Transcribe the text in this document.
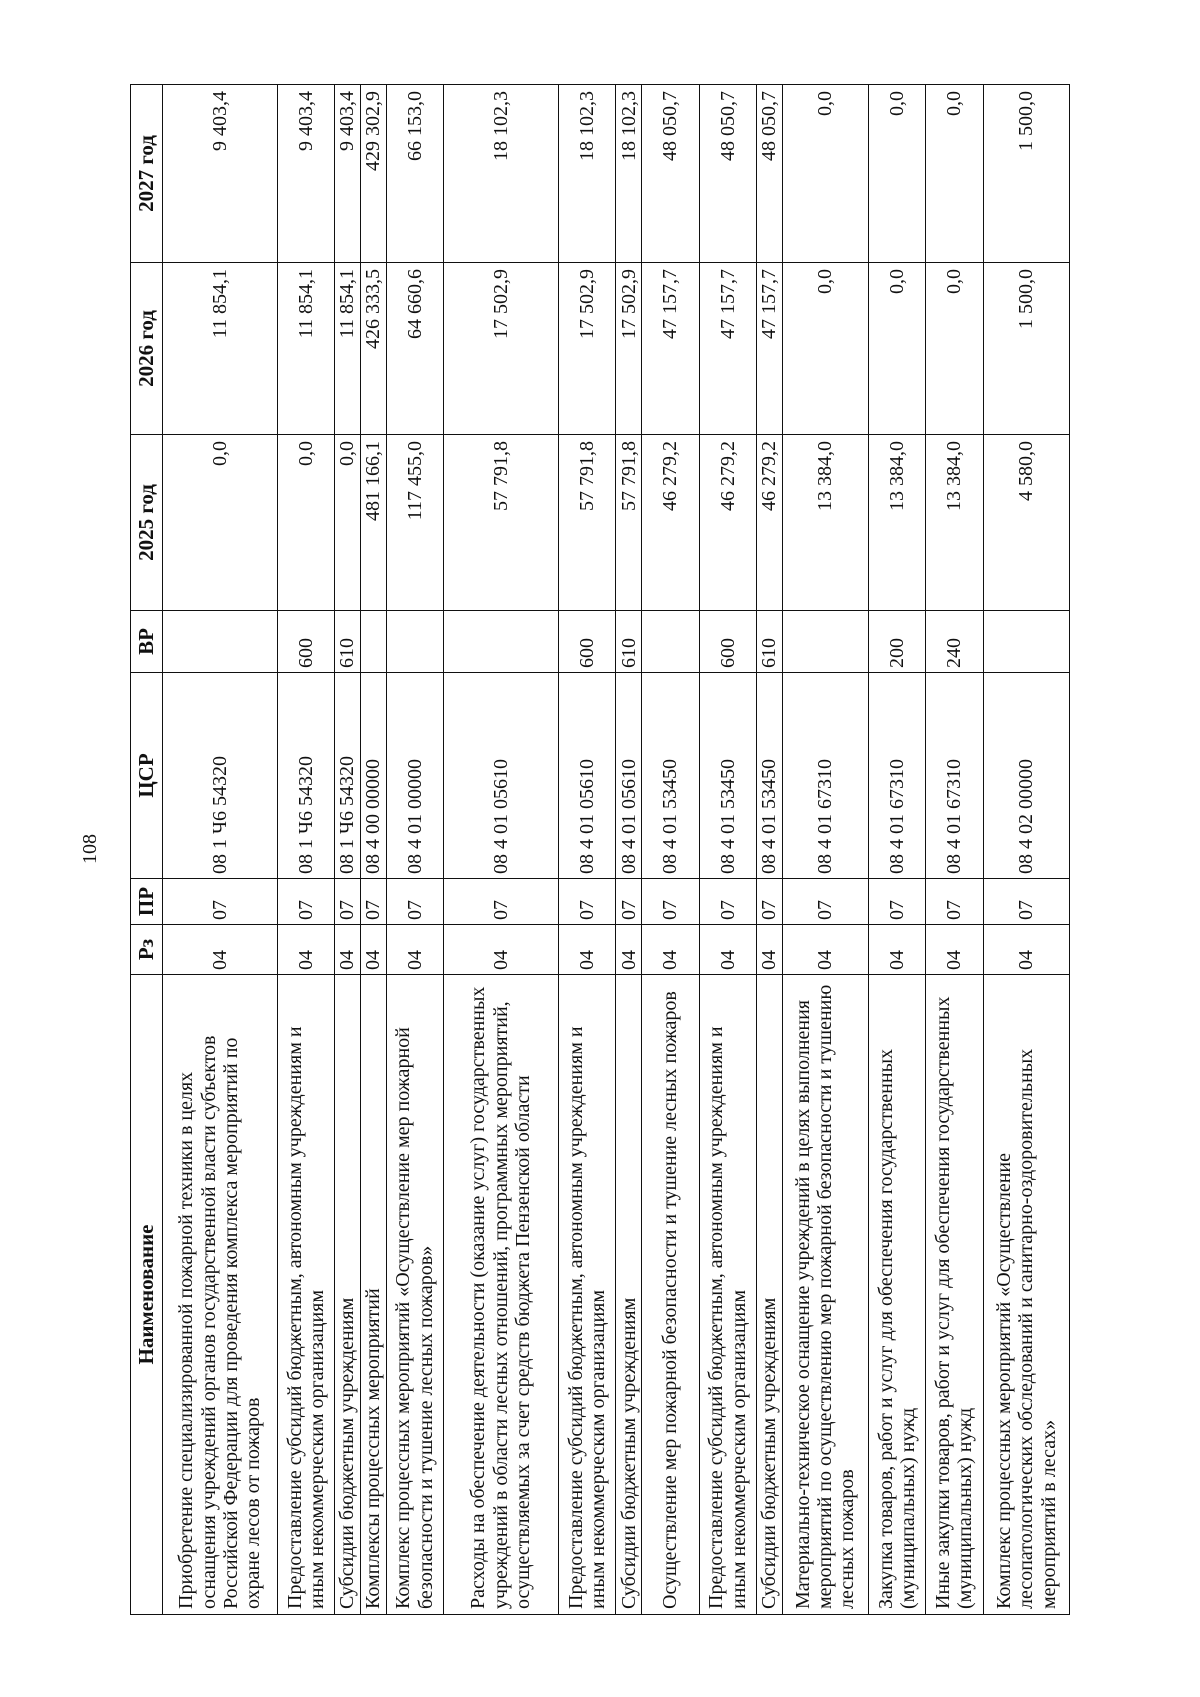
108
Наименование	Рз	ПР	ЦСР	ВР	2025 год	2026 год	2027 год
Приобретение специализированной пожарной техники в целях оснащения учреждений органов государственной власти субъектов Российской Федерации для проведения комплекса мероприятий по охране лесов от пожаров	04	07	08 1 Ч6 54320		0,0	11 854,1	9 403,4
Предоставление субсидий бюджетным, автономным учреждениям и иным некоммерческим организациям	04	07	08 1 Ч6 54320	600	0,0	11 854,1	9 403,4
Субсидии бюджетным учреждениям	04	07	08 1 Ч6 54320	610	0,0	11 854,1	9 403,4
Комплексы процессных мероприятий	04	07	08 4 00 00000		481 166,1	426 333,5	429 302,9
Комплекс процессных мероприятий «Осуществление мер пожарной безопасности и тушение лесных пожаров»	04	07	08 4 01 00000		117 455,0	64 660,6	66 153,0
Расходы на обеспечение деятельности (оказание услуг) государственных учреждений в области лесных отношений, программных мероприятий, осуществляемых за счет средств бюджета Пензенской области	04	07	08 4 01 05610		57 791,8	17 502,9	18 102,3
Предоставление субсидий бюджетным, автономным учреждениям и иным некоммерческим организациям	04	07	08 4 01 05610	600	57 791,8	17 502,9	18 102,3
Субсидии бюджетным учреждениям	04	07	08 4 01 05610	610	57 791,8	17 502,9	18 102,3
Осуществление мер пожарной безопасности и тушение лесных пожаров	04	07	08 4 01 53450		46 279,2	47 157,7	48 050,7
Предоставление субсидий бюджетным, автономным учреждениям и иным некоммерческим организациям	04	07	08 4 01 53450	600	46 279,2	47 157,7	48 050,7
Субсидии бюджетным учреждениям	04	07	08 4 01 53450	610	46 279,2	47 157,7	48 050,7
Материально-техническое оснащение учреждений в целях выполнения мероприятий по осуществлению мер пожарной безопасности и тушению лесных пожаров	04	07	08 4 01 67310		13 384,0	0,0	0,0
Закупка товаров, работ и услуг для обеспечения государственных (муниципальных) нужд	04	07	08 4 01 67310	200	13 384,0	0,0	0,0
Иные закупки товаров, работ и услуг для обеспечения государственных (муниципальных) нужд	04	07	08 4 01 67310	240	13 384,0	0,0	0,0
Комплекс процессных мероприятий «Осуществление лесопатологических обследований и санитарно-оздоровительных мероприятий в лесах»	04	07	08 4 02 00000		4 580,0	1 500,0	1 500,0
